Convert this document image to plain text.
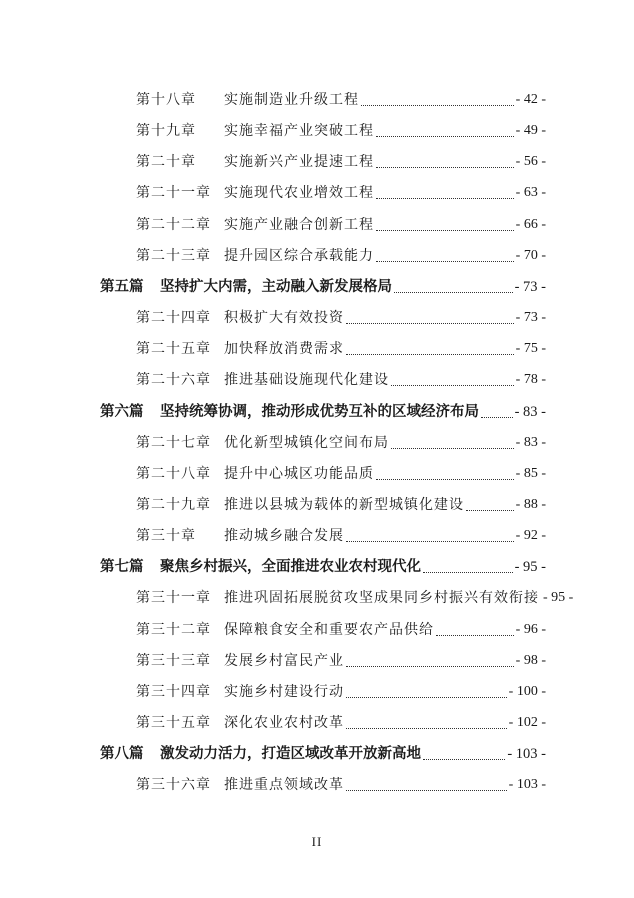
第十八章 实施制造业升级工程	- 42 -
第十九章 实施幸福产业突破工程	- 49 -
第二十章 实施新兴产业提速工程	- 56 -
第二十一章 实施现代农业增效工程	- 63 -
第二十二章 实施产业融合创新工程	- 66 -
第二十三章 提升园区综合承载能力	- 70 -
第五篇 坚持扩大内需，主动融入新发展格局	- 73 -
第二十四章 积极扩大有效投资	- 73 -
第二十五章 加快释放消费需求	- 75 -
第二十六章 推进基础设施现代化建设	- 78 -
第六篇 坚持统筹协调，推动形成优势互补的区域经济布局 - 83 -
第二十七章 优化新型城镇化空间布局	- 83 -
第二十八章 提升中心城区功能品质	- 85 -
第二十九章 推进以县城为载体的新型城镇化建设	- 88 -
第三十章 推动城乡融合发展	- 92 -
第七篇 聚焦乡村振兴，全面推进农业农村现代化	- 95 -
第三十一章 推进巩固拓展脱贫攻坚成果同乡村振兴有效衔接 - 95 -
第三十二章 保障粮食安全和重要农产品供给	- 96 -
第三十三章 发展乡村富民产业	- 98 -
第三十四章 实施乡村建设行动	- 100 -
第三十五章 深化农业农村改革	- 102 -
第八篇 激发动力活力，打造区域改革开放新高地	- 103 -
第三十六章 推进重点领域改革	- 103 -
II
